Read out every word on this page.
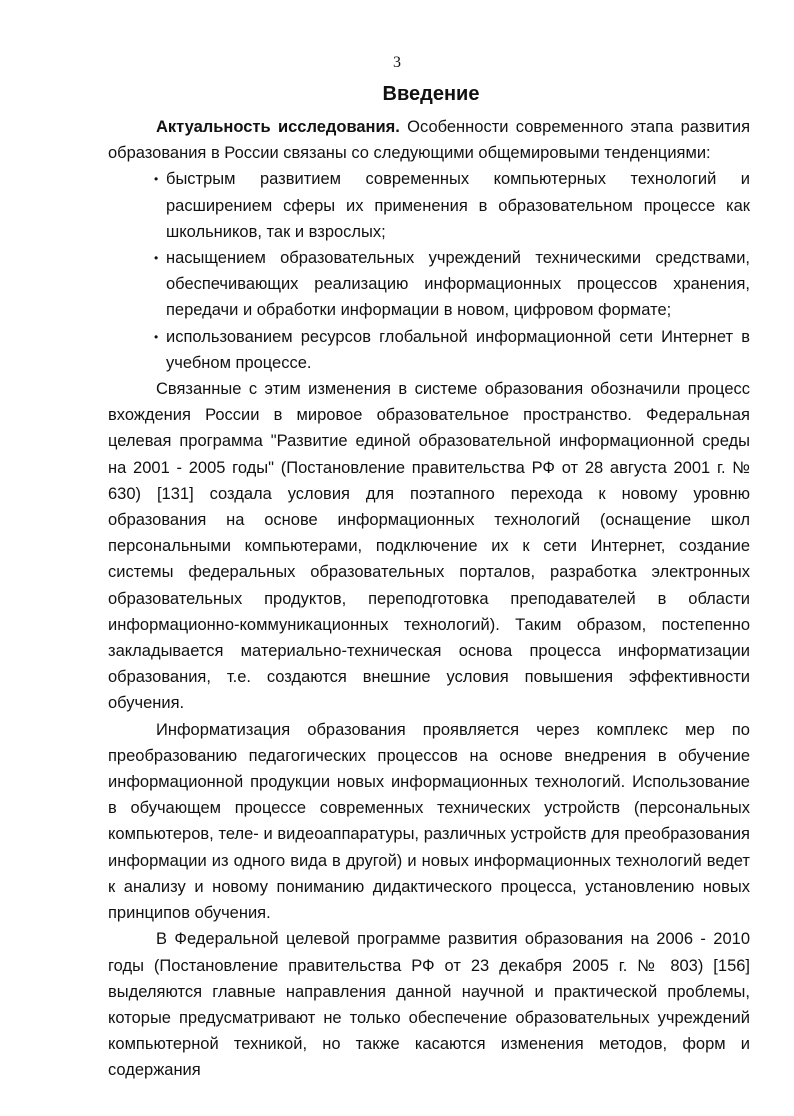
3
Введение

Актуальность исследования. Особенности современного этапа развития образования в России связаны со следующими общемировыми тенденциями:

• быстрым развитием современных компьютерных технологий и расширением сферы их применения в образовательном процессе как школьников, так и взрослых;
• насыщением образовательных учреждений техническими средствами, обеспечивающих реализацию информационных процессов хранения, передачи и обработки информации в новом, цифровом формате;
• использованием ресурсов глобальной информационной сети Интернет в учебном процессе.

Связанные с этим изменения в системе образования обозначили процесс вхождения России в мировое образовательное пространство. Федеральная целевая программа "Развитие единой образовательной информационной среды на 2001 - 2005 годы" (Постановление правительства РФ от 28 августа 2001 г. № 630) [131] создала условия для поэтапного перехода к новому уровню образования на основе информационных технологий (оснащение школ персональными компьютерами, подключение их к сети Интернет, создание системы федеральных образовательных порталов, разработка электронных образовательных продуктов, переподготовка преподавателей в области информационно-коммуникационных технологий). Таким образом, постепенно закладывается материально-техническая основа процесса информатизации образования, т.е. создаются внешние условия повышения эффективности обучения.

Информатизация образования проявляется через комплекс мер по преобразованию педагогических процессов на основе внедрения в обучение информационной продукции новых информационных технологий. Использование в обучающем процессе современных технических устройств (персональных компьютеров, теле- и видеоаппаратуры, различных устройств для преобразования информации из одного вида в другой) и новых информационных технологий ведет к анализу и новому пониманию дидактического процесса, установлению новых принципов обучения.

В Федеральной целевой программе развития образования на 2006 - 2010 годы (Постановление правительства РФ от 23 декабря 2005 г. № 803) [156] выделяются главные направления данной научной и практической проблемы, которые предусматривают не только обеспечение образовательных учреждений компьютерной техникой, но также касаются изменения методов, форм и содержания
